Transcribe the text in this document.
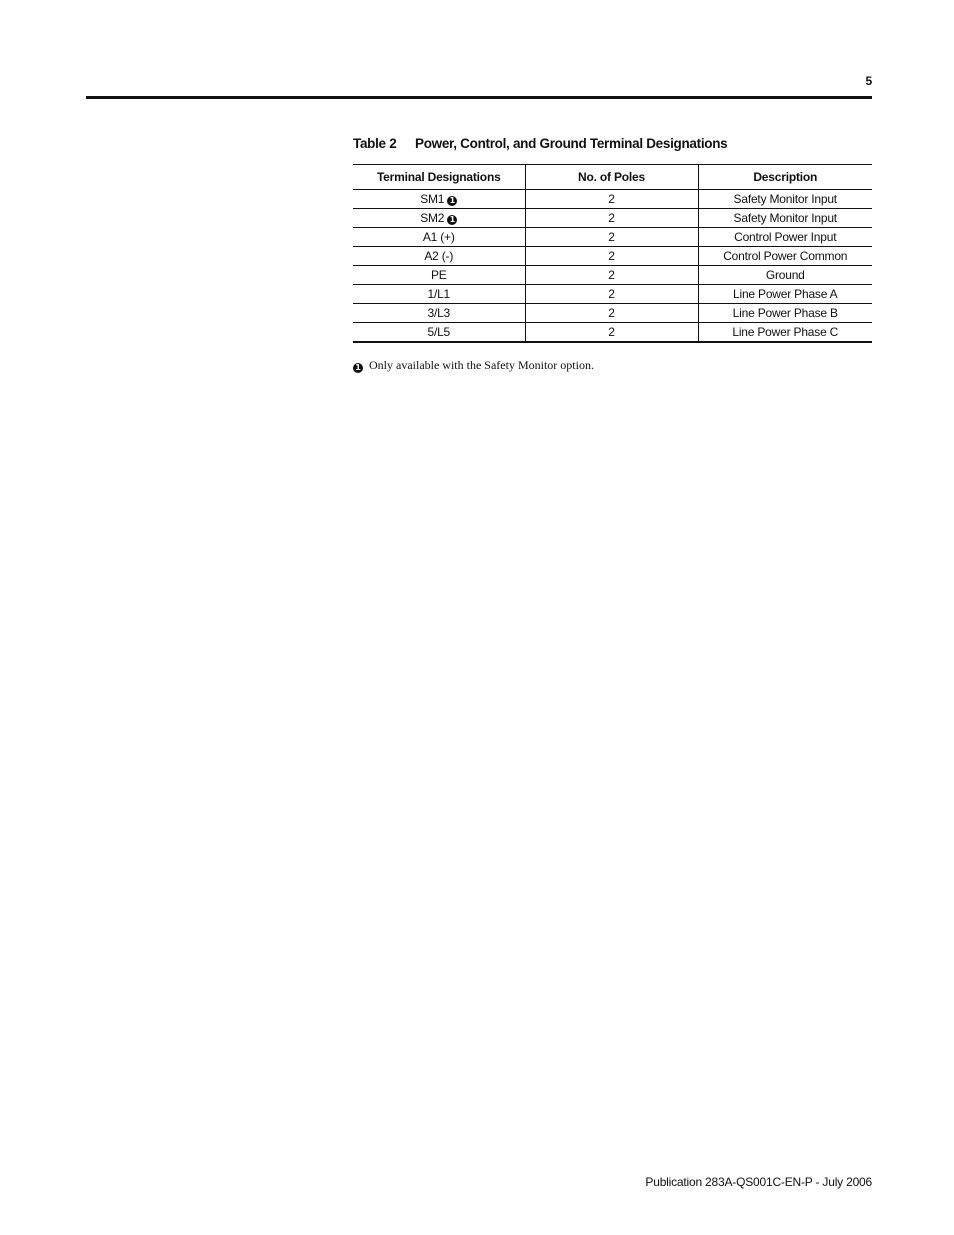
5
Table 2 Power, Control, and Ground Terminal Designations
Terminal Designations	No. of Poles	Description
SM1 1	2	Safety Monitor Input
SM2 1	2	Safety Monitor Input
A1 (+)	2	Control Power Input
A2 (-)	2	Control Power Common
PE	2	Ground
1/L1	2	Line Power Phase A
3/L3	2	Line Power Phase B
5/L5	2	Line Power Phase C
1 Only available with the Safety Monitor option.
Publication 283A-QS001C-EN-P - July 2006
